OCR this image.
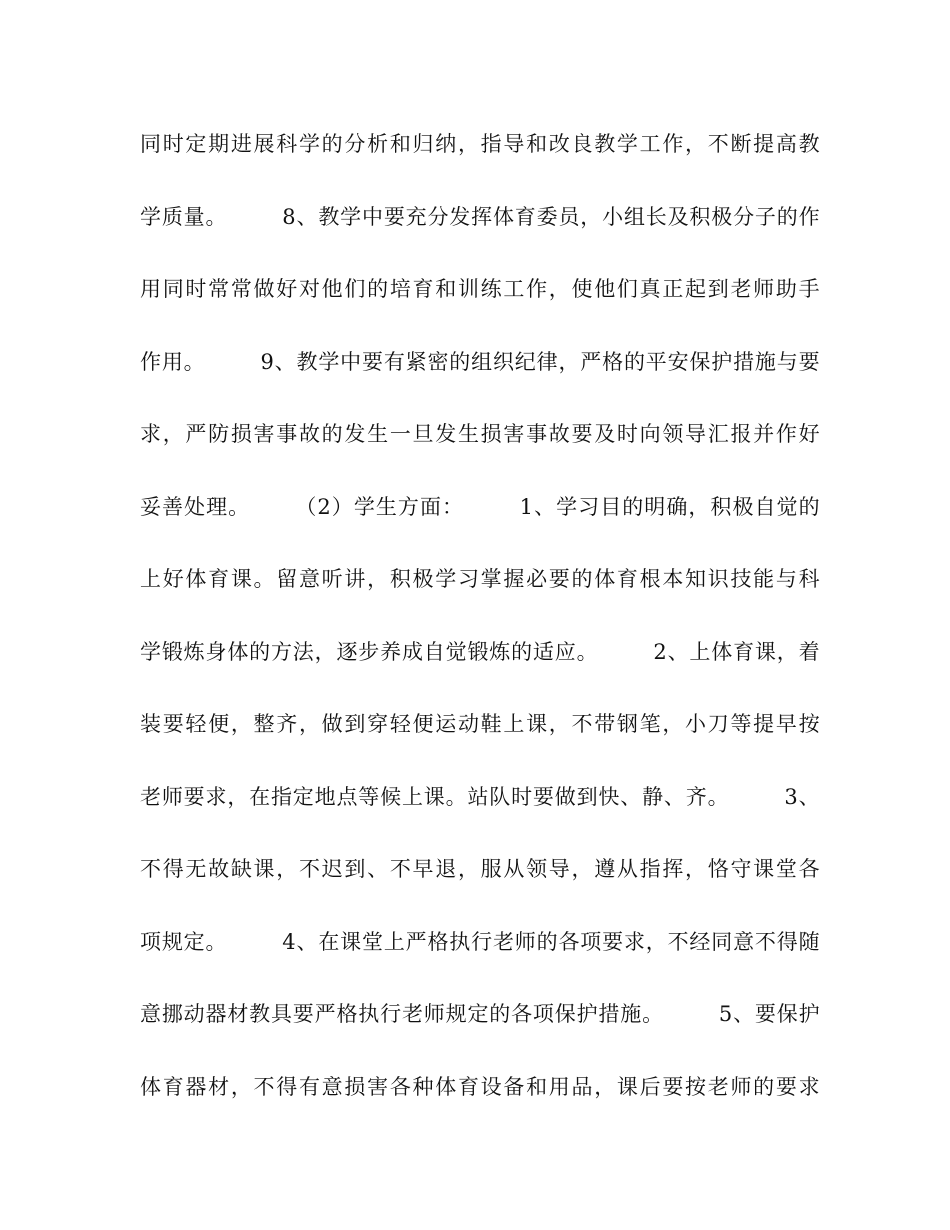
同时定期进展科学的分析和归纳，指导和改良教学工作，不断提高教
学质量。　　　8、教学中要充分发挥体育委员，小组长及积极分子的作
用同时常常做好对他们的培育和训练工作，使他们真正起到老师助手
作用。　　　9、教学中要有紧密的组织纪律，严格的平安保护措施与要
求，严防损害事故的发生一旦发生损害事故要及时向领导汇报并作好
妥善处理。　　　（2）学生方面：　　　1、学习目的明确，积极自觉的
上好体育课。留意听讲，积极学习掌握必要的体育根本知识技能与科
学锻炼身体的方法，逐步养成自觉锻炼的适应。　　　2、上体育课，着
装要轻便，整齐，做到穿轻便运动鞋上课，不带钢笔，小刀等提早按
老师要求，在指定地点等候上课。站队时要做到快、静、齐。　　　3、
不得无故缺课，不迟到、不早退，服从领导，遵从指挥，恪守课堂各
项规定。　　　4、在课堂上严格执行老师的各项要求，不经同意不得随
意挪动器材教具要严格执行老师规定的各项保护措施。　　　5、要保护
体育器材，不得有意损害各种体育设备和用品，课后要按老师的要求
